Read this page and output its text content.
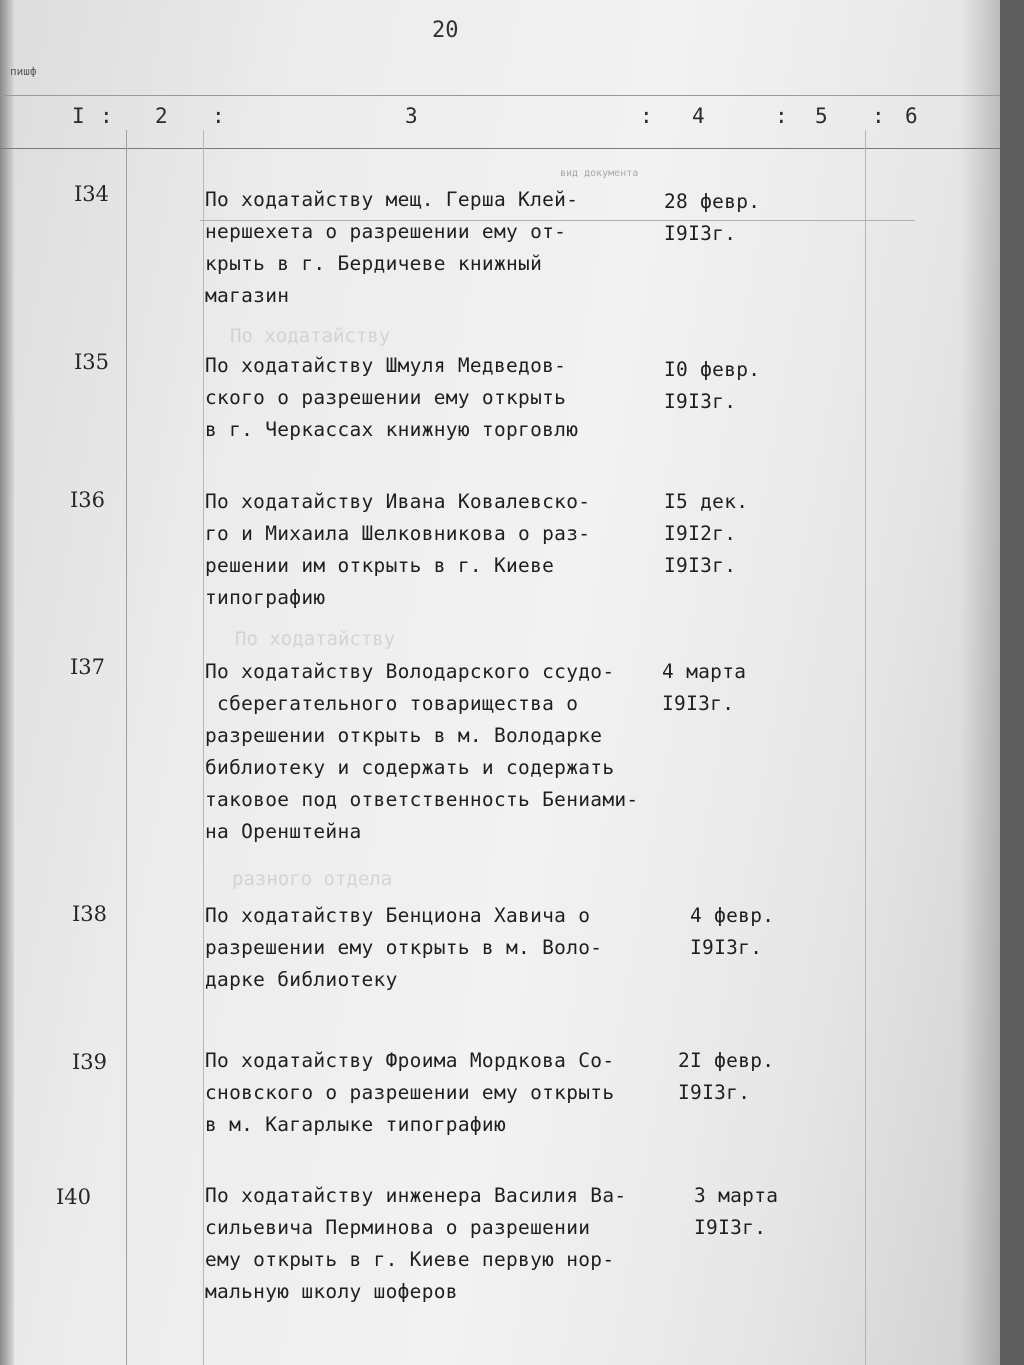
20
пишф
I : 2 :	3	: 4	: 5 : 6
вид документа
По ходатайству
По ходатайству
разного отдела
I34	По ходатайству мещ. Герша Клей-
нершехета о разрешении ему от-
крыть в г. Бердичеве книжный
магазин
28 февр.
I9I3г.
I35	По ходатайству Шмуля Медведов-
ского о разрешении ему открыть
в г. Черкассах книжную торговлю
I0 февр.
I9I3г.
I36	По ходатайству Ивана Ковалевско-
го и Михаила Шелковникова о раз-
решении им открыть в г. Киеве
типографию
I5 дек.
I9I2г.
I9I3г.
I37	По ходатайству Володарского ссудо-
сберегательного товарищества о
разрешении открыть в м. Володарке
библиотеку и содержать и содержать
таковое под ответственность Бениами-
на Оренштейна
4 марта
I9I3г.
I38	По ходатайству Бенциона Хавича о
разрешении ему открыть в м. Воло-
дарке библиотеку
4 февр.
I9I3г.
I39	По ходатайству Фроима Мордкова Со-
сновского о разрешении ему открыть
в м. Кагарлыке типографию
2I февр.
I9I3г.
I40	По ходатайству инженера Василия Ва-
сильевича Перминова о разрешении
ему открыть в г. Киеве первую нор-
мальную школу шоферов
3 марта
I9I3г.
